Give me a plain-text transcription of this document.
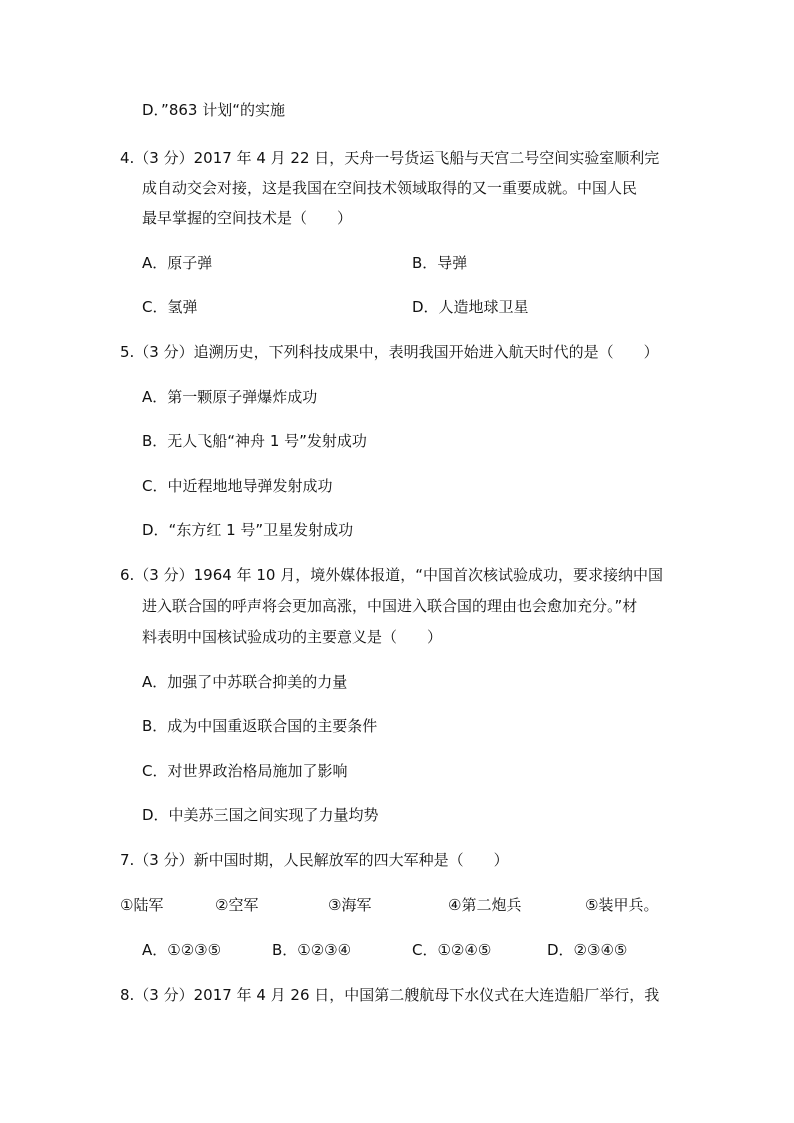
D．”863 计划“的实施
4.（3 分）2017 年 4 月 22 日，天舟一号货运飞船与天宫二号空间实验室顺利完
成自动交会对接，这是我国在空间技术领域取得的又一重要成就。中国人民
最早掌握的空间技术是（　　）
A．原子弹	B．导弹
C．氢弹	D．人造地球卫星
5.（3 分）追溯历史，下列科技成果中，表明我国开始进入航天时代的是（　　）
A．第一颗原子弹爆炸成功
B．无人飞船“神舟 1 号”发射成功
C．中近程地地导弹发射成功
D．“东方红 1 号”卫星发射成功
6.（3 分）1964 年 10 月，境外媒体报道，“中国首次核试验成功，要求接纳中国
进入联合国的呼声将会更加高涨，中国进入联合国的理由也会愈加充分。”材
料表明中国核试验成功的主要意义是（　　）
A．加强了中苏联合抑美的力量
B．成为中国重返联合国的主要条件
C．对世界政治格局施加了影响
D．中美苏三国之间实现了力量均势
7.（3 分）新中国时期，人民解放军的四大军种是（　　）
①陆军	②空军	③海军	④第二炮兵	⑤装甲兵。
A．①②③⑤	B．①②③④	C．①②④⑤	D．②③④⑤
8.（3 分）2017 年 4 月 26 日，中国第二艘航母下水仪式在大连造船厂举行，我
